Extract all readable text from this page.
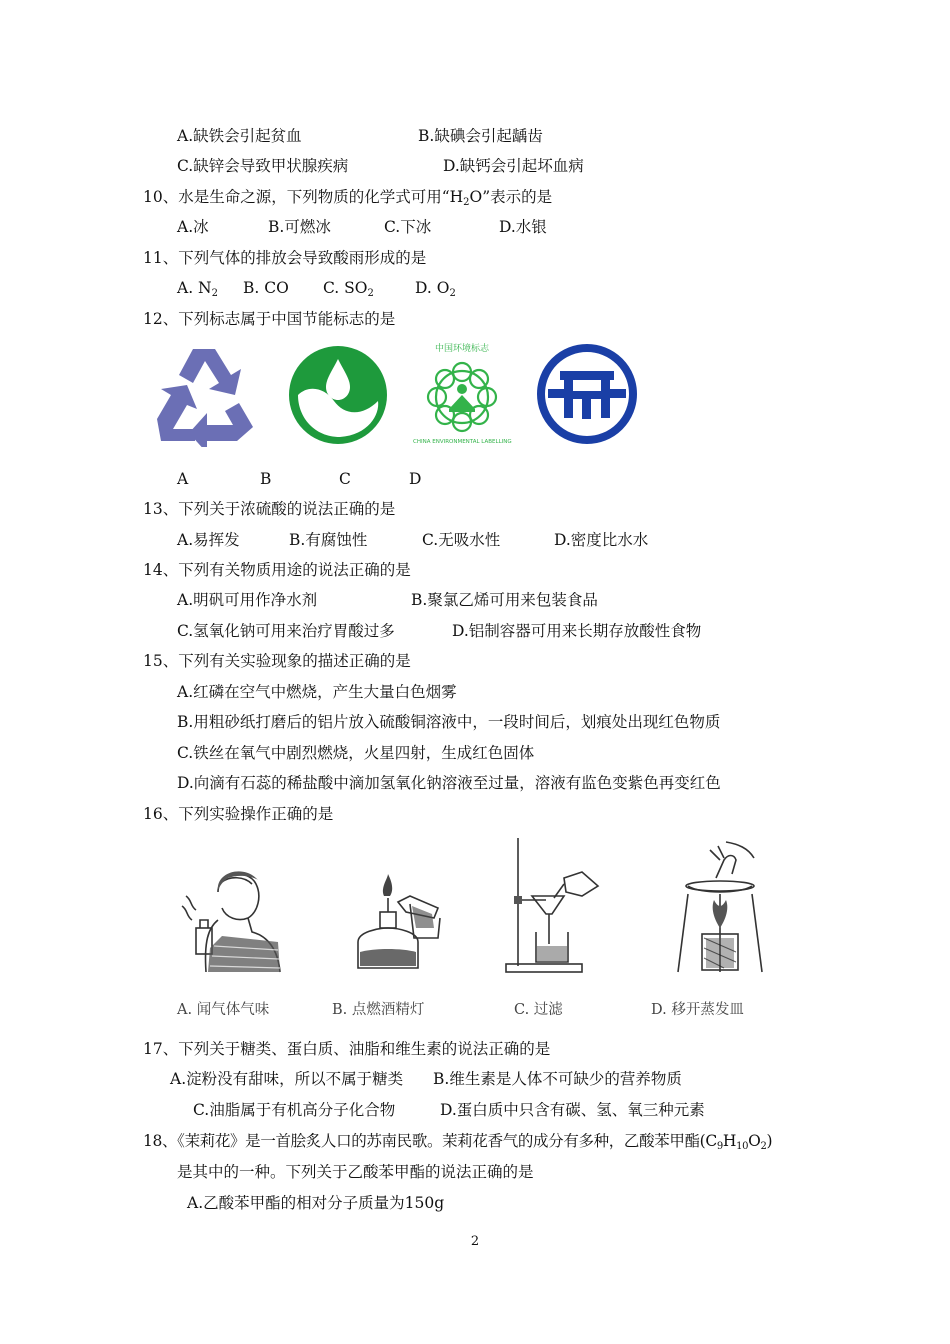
A.缺铁会引起贫血	B.缺碘会引起龋齿
C.缺锌会导致甲状腺疾病	D.缺钙会引起坏血病
10、水是生命之源，下列物质的化学式可用“$H_2O$”表示的是
A.冰	B.可燃冰	C.下冰	D.水银
11、下列气体的排放会导致酸雨形成的是
A. $N_2$ B. CO C. $SO_2$	D. $O_2$
12、下列标志属于中国节能标志的是
中国环境标志
CHINA ENVIRONMENTAL LABELLING
A	B	C	D
13、下列关于浓硫酸的说法正确的是
A.易挥发	B.有腐蚀性	C.无吸水性	D.密度比水水
14、下列有关物质用途的说法正确的是
A.明矾可用作净水剂	B.聚氯乙烯可用来包装食品
C.氢氧化钠可用来治疗胃酸过多	D.铝制容器可用来长期存放酸性食物
15、下列有关实验现象的描述正确的是
A.红磷在空气中燃烧，产生大量白色烟雾
B.用粗砂纸打磨后的铝片放入硫酸铜溶液中，一段时间后，划痕处出现红色物质
C.铁丝在氧气中剧烈燃烧，火星四射，生成红色固体
D.向滴有石蕊的稀盐酸中滴加氢氧化钠溶液至过量，溶液有监色变紫色再变红色
16、下列实验操作正确的是
A. 闻气体气味	B. 点燃酒精灯	C. 过滤	D. 移开蒸发皿
17、下列关于糖类、蛋白质、油脂和维生素的说法正确的是
A.淀粉没有甜味，所以不属于糖类 B.维生素是人体不可缺少的营养物质
C.油脂属于有机高分子化合物	D.蛋白质中只含有碳、氢、氧三种元素
18、《茉莉花》是一首脍炙人口的苏南民歌。茉莉花香气的成分有多种，乙酸苯甲酯$(C_9H_{10}O_2)$
是其中的一种。下列关于乙酸苯甲酯的说法正确的是
A.乙酸苯甲酯的相对分子质量为150g
2
